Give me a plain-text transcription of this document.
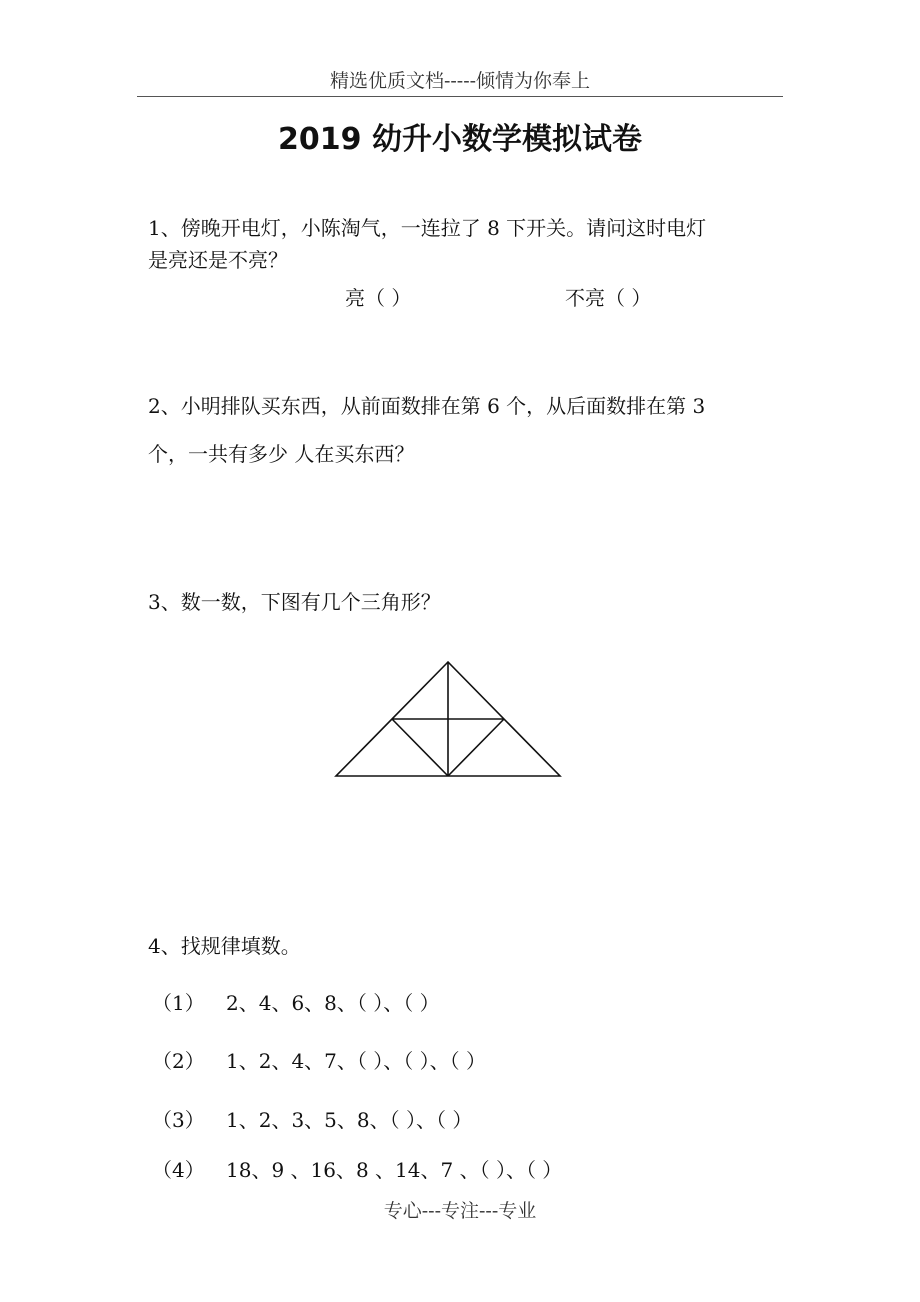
精选优质文档-----倾情为你奉上
2019 幼升小数学模拟试卷
1、傍晚开电灯，小陈淘气，一连拉了 8 下开关。请问这时电灯
是亮还是不亮？
亮（ ）	不亮（ ）
2、小明排队买东西，从前面数排在第 6 个，从后面数排在第 3
个，一共有多少 人在买东西？
3、数一数，下图有几个三角形？
4、找规律填数。
（1） 2、4、6、8、（ ）、（ ）
（2） 1、2、4、7、（ ）、（ ）、（ ）
（3） 1、2、3、5、8、（ ）、（ ）
（4） 18、9 、16、8 、14、7 、（ ）、（ ）
专心---专注---专业
